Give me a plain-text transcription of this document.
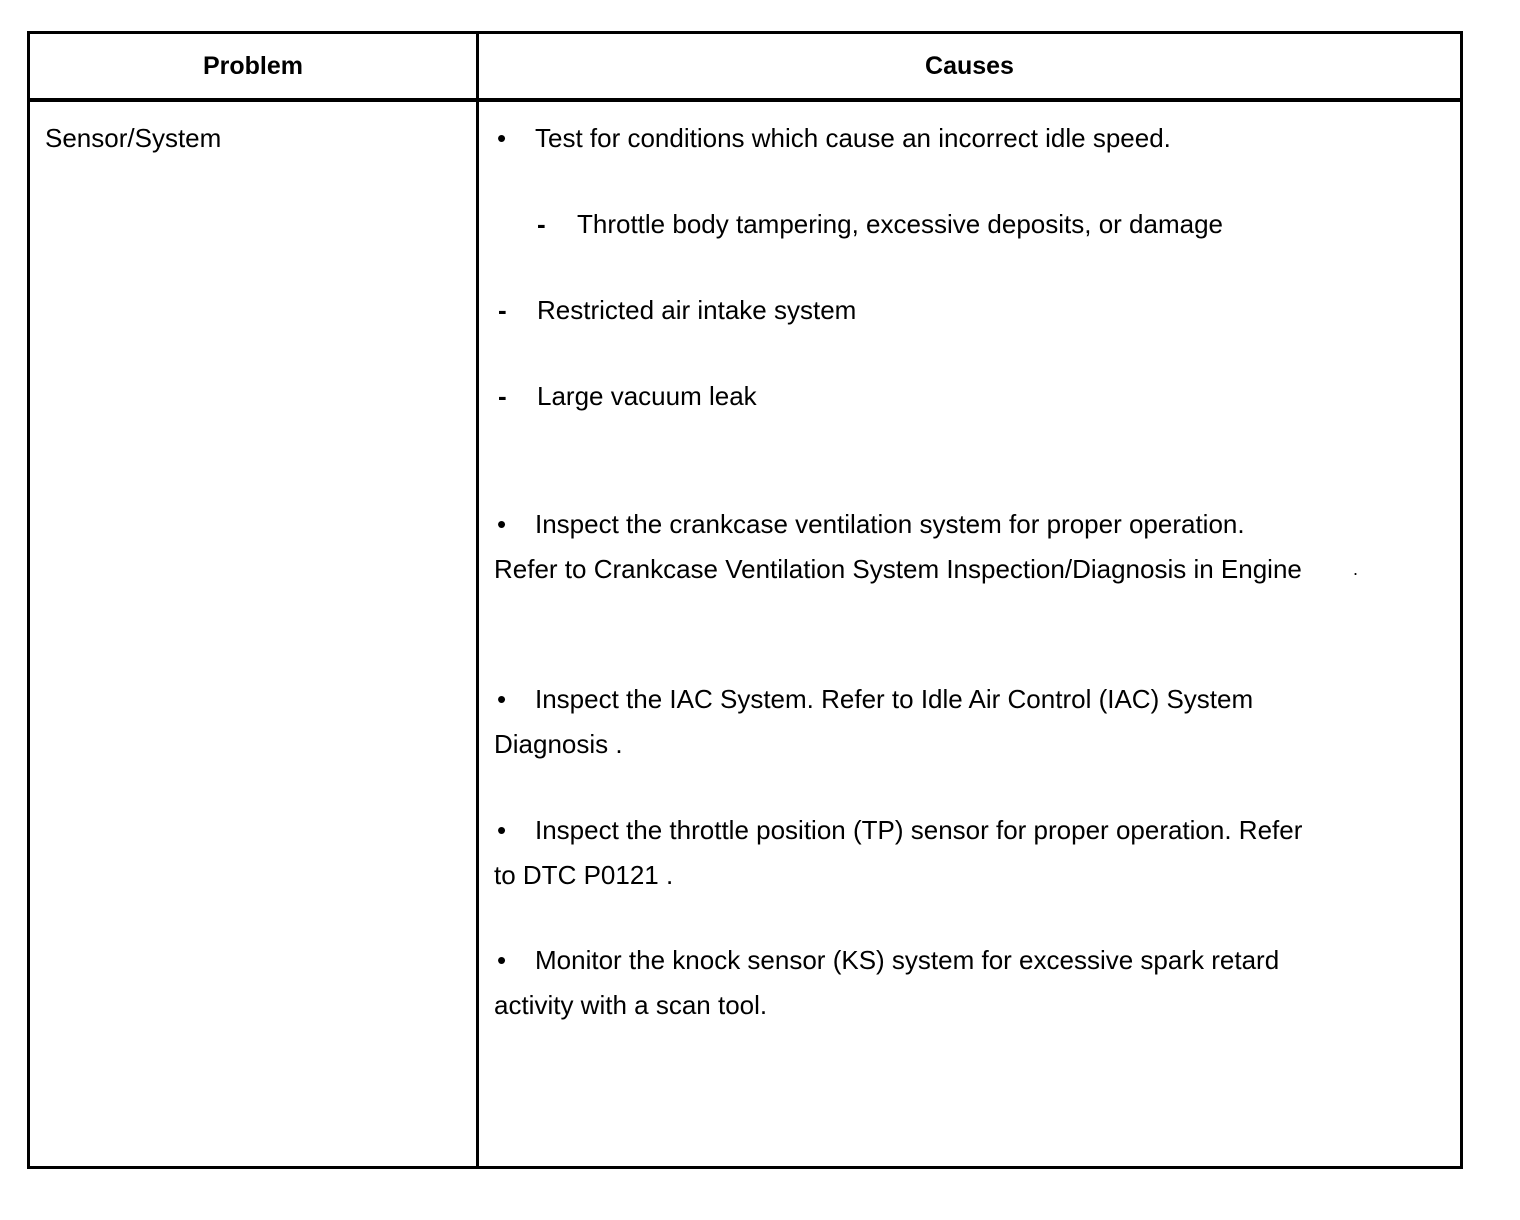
Problem	Causes
Sensor/System	• Test for conditions which cause an incorrect idle speed.
- Throttle body tampering, excessive deposits, or damage
- Restricted air intake system
- Large vacuum leak
• Inspect the crankcase ventilation system for proper operation.
Refer to Crankcase Ventilation System Inspection/Diagnosis in Engine	.
• Inspect the IAC System. Refer to Idle Air Control (IAC) System
Diagnosis .
• Inspect the throttle position (TP) sensor for proper operation. Refer
to DTC P0121 .
• Monitor the knock sensor (KS) system for excessive spark retard
activity with a scan tool.
